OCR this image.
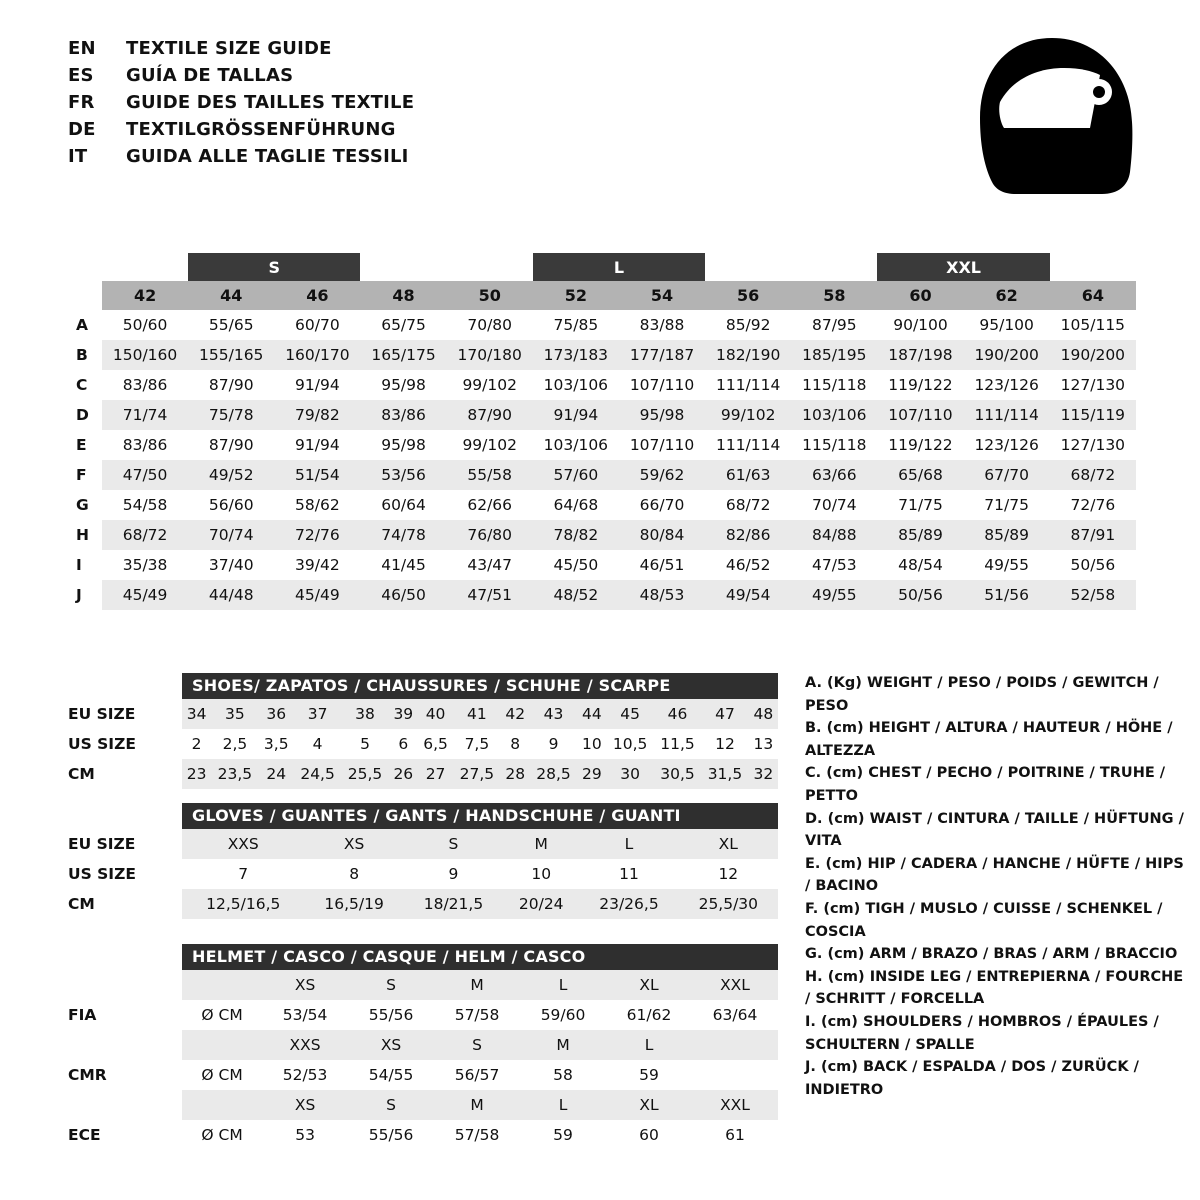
EN	TEXTILE SIZE GUIDE
ES	GUÍA DE TALLAS
FR	GUIDE DES TAILLES TEXTILE
DE	TEXTILGRÖSSENFÜHRUNG
IT	GUIDA ALLE TAGLIE TESSILI
		S		M		L		XL		XXL		
	42	44	46	48	50	52	54	56	58	60	62	64
A	50/60	55/65	60/70	65/75	70/80	75/85	83/88	85/92	87/95	90/100	95/100	105/115
B	150/160	155/165	160/170	165/175	170/180	173/183	177/187	182/190	185/195	187/198	190/200	190/200
C	83/86	87/90	91/94	95/98	99/102	103/106	107/110	111/114	115/118	119/122	123/126	127/130
D	71/74	75/78	79/82	83/86	87/90	91/94	95/98	99/102	103/106	107/110	111/114	115/119
E	83/86	87/90	91/94	95/98	99/102	103/106	107/110	111/114	115/118	119/122	123/126	127/130
F	47/50	49/52	51/54	53/56	55/58	57/60	59/62	61/63	63/66	65/68	67/70	68/72
G	54/58	56/60	58/62	60/64	62/66	64/68	66/70	68/72	70/74	71/75	71/75	72/76
H	68/72	70/74	72/76	74/78	76/80	78/82	80/84	82/86	84/88	85/89	85/89	87/91
I	35/38	37/40	39/42	41/45	43/47	45/50	46/51	46/52	47/53	48/54	49/55	50/56
J	45/49	44/48	45/49	46/50	47/51	48/52	48/53	49/54	49/55	50/56	51/56	52/58
SHOES/ ZAPATOS / CHAUSSURES / SCHUHE / SCARPE
EU SIZE	34	35	36	37	38	39	40	41	42	43	44	45	46	47	48
US SIZE	2	2,5	3,5	4	5	6	6,5	7,5	8	9	10	10,5	11,5	12	13
CM	23	23,5	24	24,5	25,5	26	27	27,5	28	28,5	29	30	30,5	31,5	32
GLOVES / GUANTES / GANTS / HANDSCHUHE / GUANTI
EU SIZE	XXS	XS	S	M	L	XL
US SIZE	7	8	9	10	11	12
CM	12,5/16,5	16,5/19	18/21,5	20/24	23/26,5	25,5/30
HELMET / CASCO / CASQUE / HELM / CASCO
		XS	S	M	L	XL	XXL
FIA	Ø CM	53/54	55/56	57/58	59/60	61/62	63/64
		XXS	XS	S	M	L	
CMR	Ø CM	52/53	54/55	56/57	58	59	
		XS	S	M	L	XL	XXL
ECE	Ø CM	53	55/56	57/58	59	60	61
A. (Kg) WEIGHT / PESO / POIDS / GEWITCH / PESO
B. (cm) HEIGHT / ALTURA / HAUTEUR / HÖHE / ALTEZZA
C. (cm) CHEST / PECHO / POITRINE / TRUHE / PETTO
D. (cm) WAIST / CINTURA / TAILLE / HÜFTUNG / VITA
E. (cm) HIP / CADERA / HANCHE / HÜFTE / HIPS / BACINO
F. (cm) TIGH / MUSLO / CUISSE / SCHENKEL / COSCIA
G. (cm) ARM / BRAZO / BRAS / ARM / BRACCIO
H. (cm) INSIDE LEG / ENTREPIERNA / FOURCHE / SCHRITT / FORCELLA
I. (cm) SHOULDERS / HOMBROS / ÉPAULES / SCHULTERN / SPALLE
J. (cm) BACK / ESPALDA / DOS / ZURÜCK / INDIETRO
